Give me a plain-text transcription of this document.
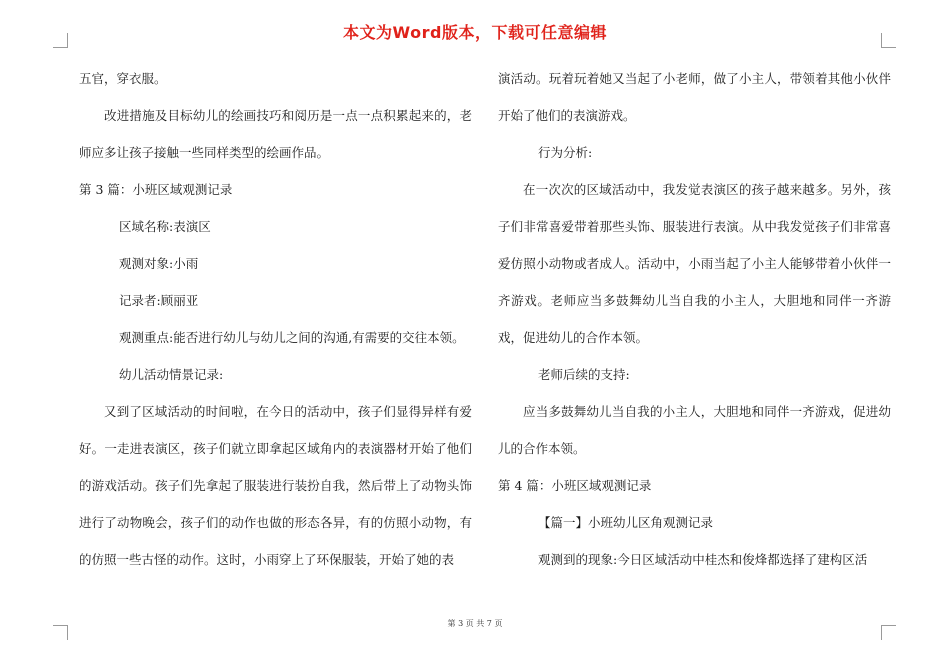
本文为Word版本，下载可任意编辑

五官，穿衣服。

改进措施及目标幼儿的绘画技巧和阅历是一点一点积累起来的，老师应多让孩子接触一些同样类型的绘画作品。

第 3 篇：小班区域观测记录

区域名称:表演区

观测对象:小雨

记录者:顾丽亚

观测重点:能否进行幼儿与幼儿之间的沟通,有需要的交往本领。

幼儿活动情景记录:

又到了区域活动的时间啦，在今日的活动中，孩子们显得异样有爱好。一走进表演区，孩子们就立即拿起区域角内的表演器材开始了他们的游戏活动。孩子们先拿起了服装进行装扮自我，然后带上了动物头饰进行了动物晚会，孩子们的动作也做的形态各异，有的仿照小动物，有的仿照一些古怪的动作。这时，小雨穿上了环保服装，开始了她的表

演活动。玩着玩着她又当起了小老师，做了小主人，带领着其他小伙伴开始了他们的表演游戏。

行为分析:

在一次次的区域活动中，我发觉表演区的孩子越来越多。另外，孩子们非常喜爱带着那些头饰、服装进行表演。从中我发觉孩子们非常喜爱仿照小动物或者成人。活动中，小雨当起了小主人能够带着小伙伴一齐游戏。老师应当多鼓舞幼儿当自我的小主人，大胆地和同伴一齐游戏，促进幼儿的合作本领。

老师后续的支持:

应当多鼓舞幼儿当自我的小主人，大胆地和同伴一齐游戏，促进幼儿的合作本领。

第 4 篇：小班区域观测记录

【篇一】小班幼儿区角观测记录

观测到的现象:今日区域活动中桂杰和俊烽都选择了建构区活

第 3 页 共 7 页
